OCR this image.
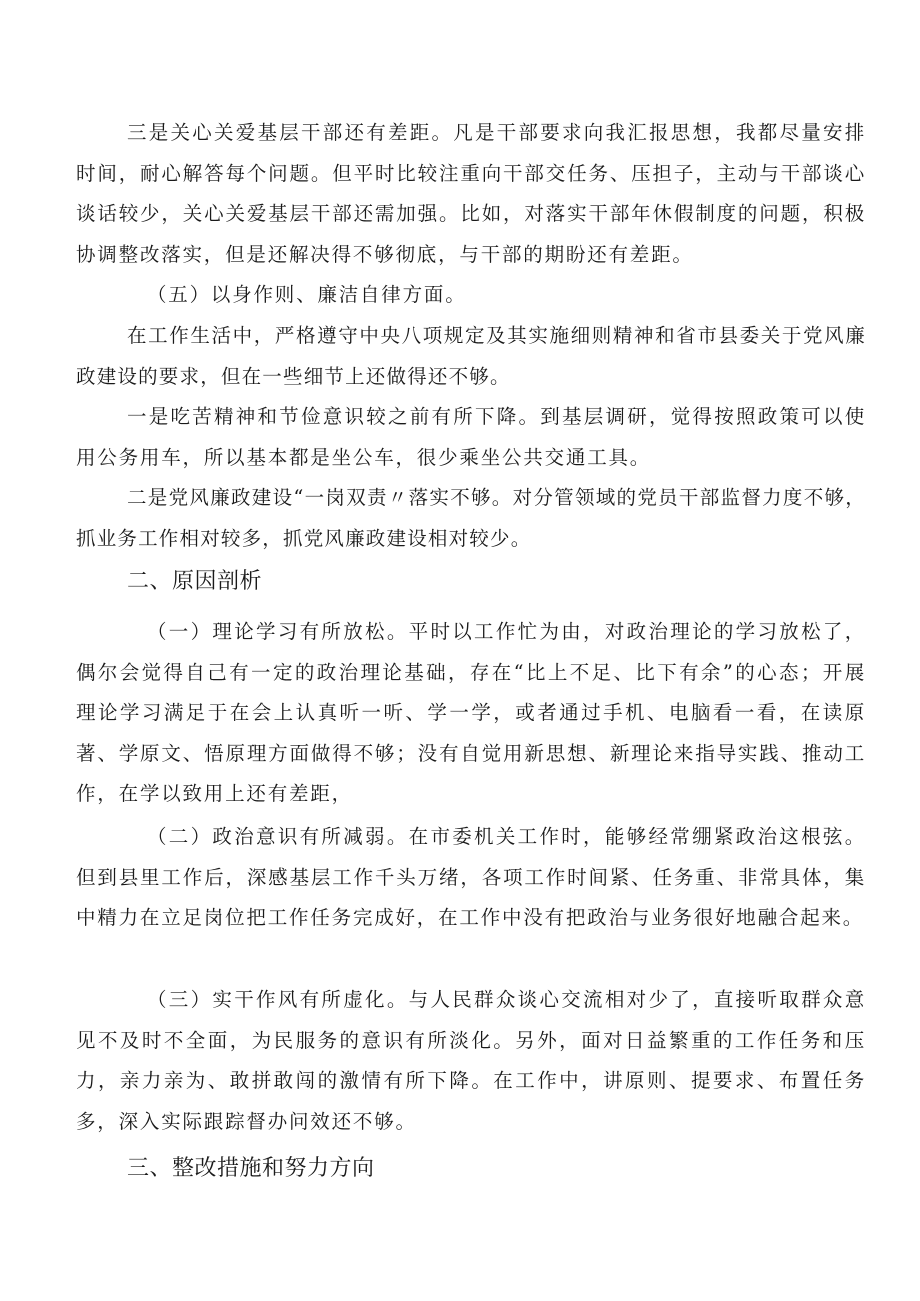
三是关心关爱基层干部还有差距。凡是干部要求向我汇报思想，我都尽量安排时间，耐心解答每个问题。但平时比较注重向干部交任务、压担子，主动与干部谈心谈话较少，关心关爱基层干部还需加强。比如，对落实干部年休假制度的问题，积极协调整改落实，但是还解决得不够彻底，与干部的期盼还有差距。

（五）以身作则、廉洁自律方面。

在工作生活中，严格遵守中央八项规定及其实施细则精神和省市县委关于党风廉政建设的要求，但在一些细节上还做得还不够。

一是吃苦精神和节俭意识较之前有所下降。到基层调研，觉得按照政策可以使用公务用车，所以基本都是坐公车，很少乘坐公共交通工具。

二是党风廉政建设“一岗双责〃落实不够。对分管领域的党员干部监督力度不够，抓业务工作相对较多，抓党风廉政建设相对较少。

二、原因剖析

（一）理论学习有所放松。平时以工作忙为由，对政治理论的学习放松了，偶尔会觉得自己有一定的政治理论基础，存在“比上不足、比下有余”的心态；开展理论学习满足于在会上认真听一听、学一学，或者通过手机、电脑看一看，在读原著、学原文、悟原理方面做得不够；没有自觉用新思想、新理论来指导实践、推动工作，在学以致用上还有差距，

（二）政治意识有所减弱。在市委机关工作时，能够经常绷紧政治这根弦。但到县里工作后，深感基层工作千头万绪，各项工作时间紧、任务重、非常具体，集中精力在立足岗位把工作任务完成好，在工作中没有把政治与业务很好地融合起来。

（三）实干作风有所虚化。与人民群众谈心交流相对少了，直接听取群众意见不及时不全面，为民服务的意识有所淡化。另外，面对日益繁重的工作任务和压力，亲力亲为、敢拼敢闯的激情有所下降。在工作中，讲原则、提要求、布置任务多，深入实际跟踪督办问效还不够。

三、整改措施和努力方向
